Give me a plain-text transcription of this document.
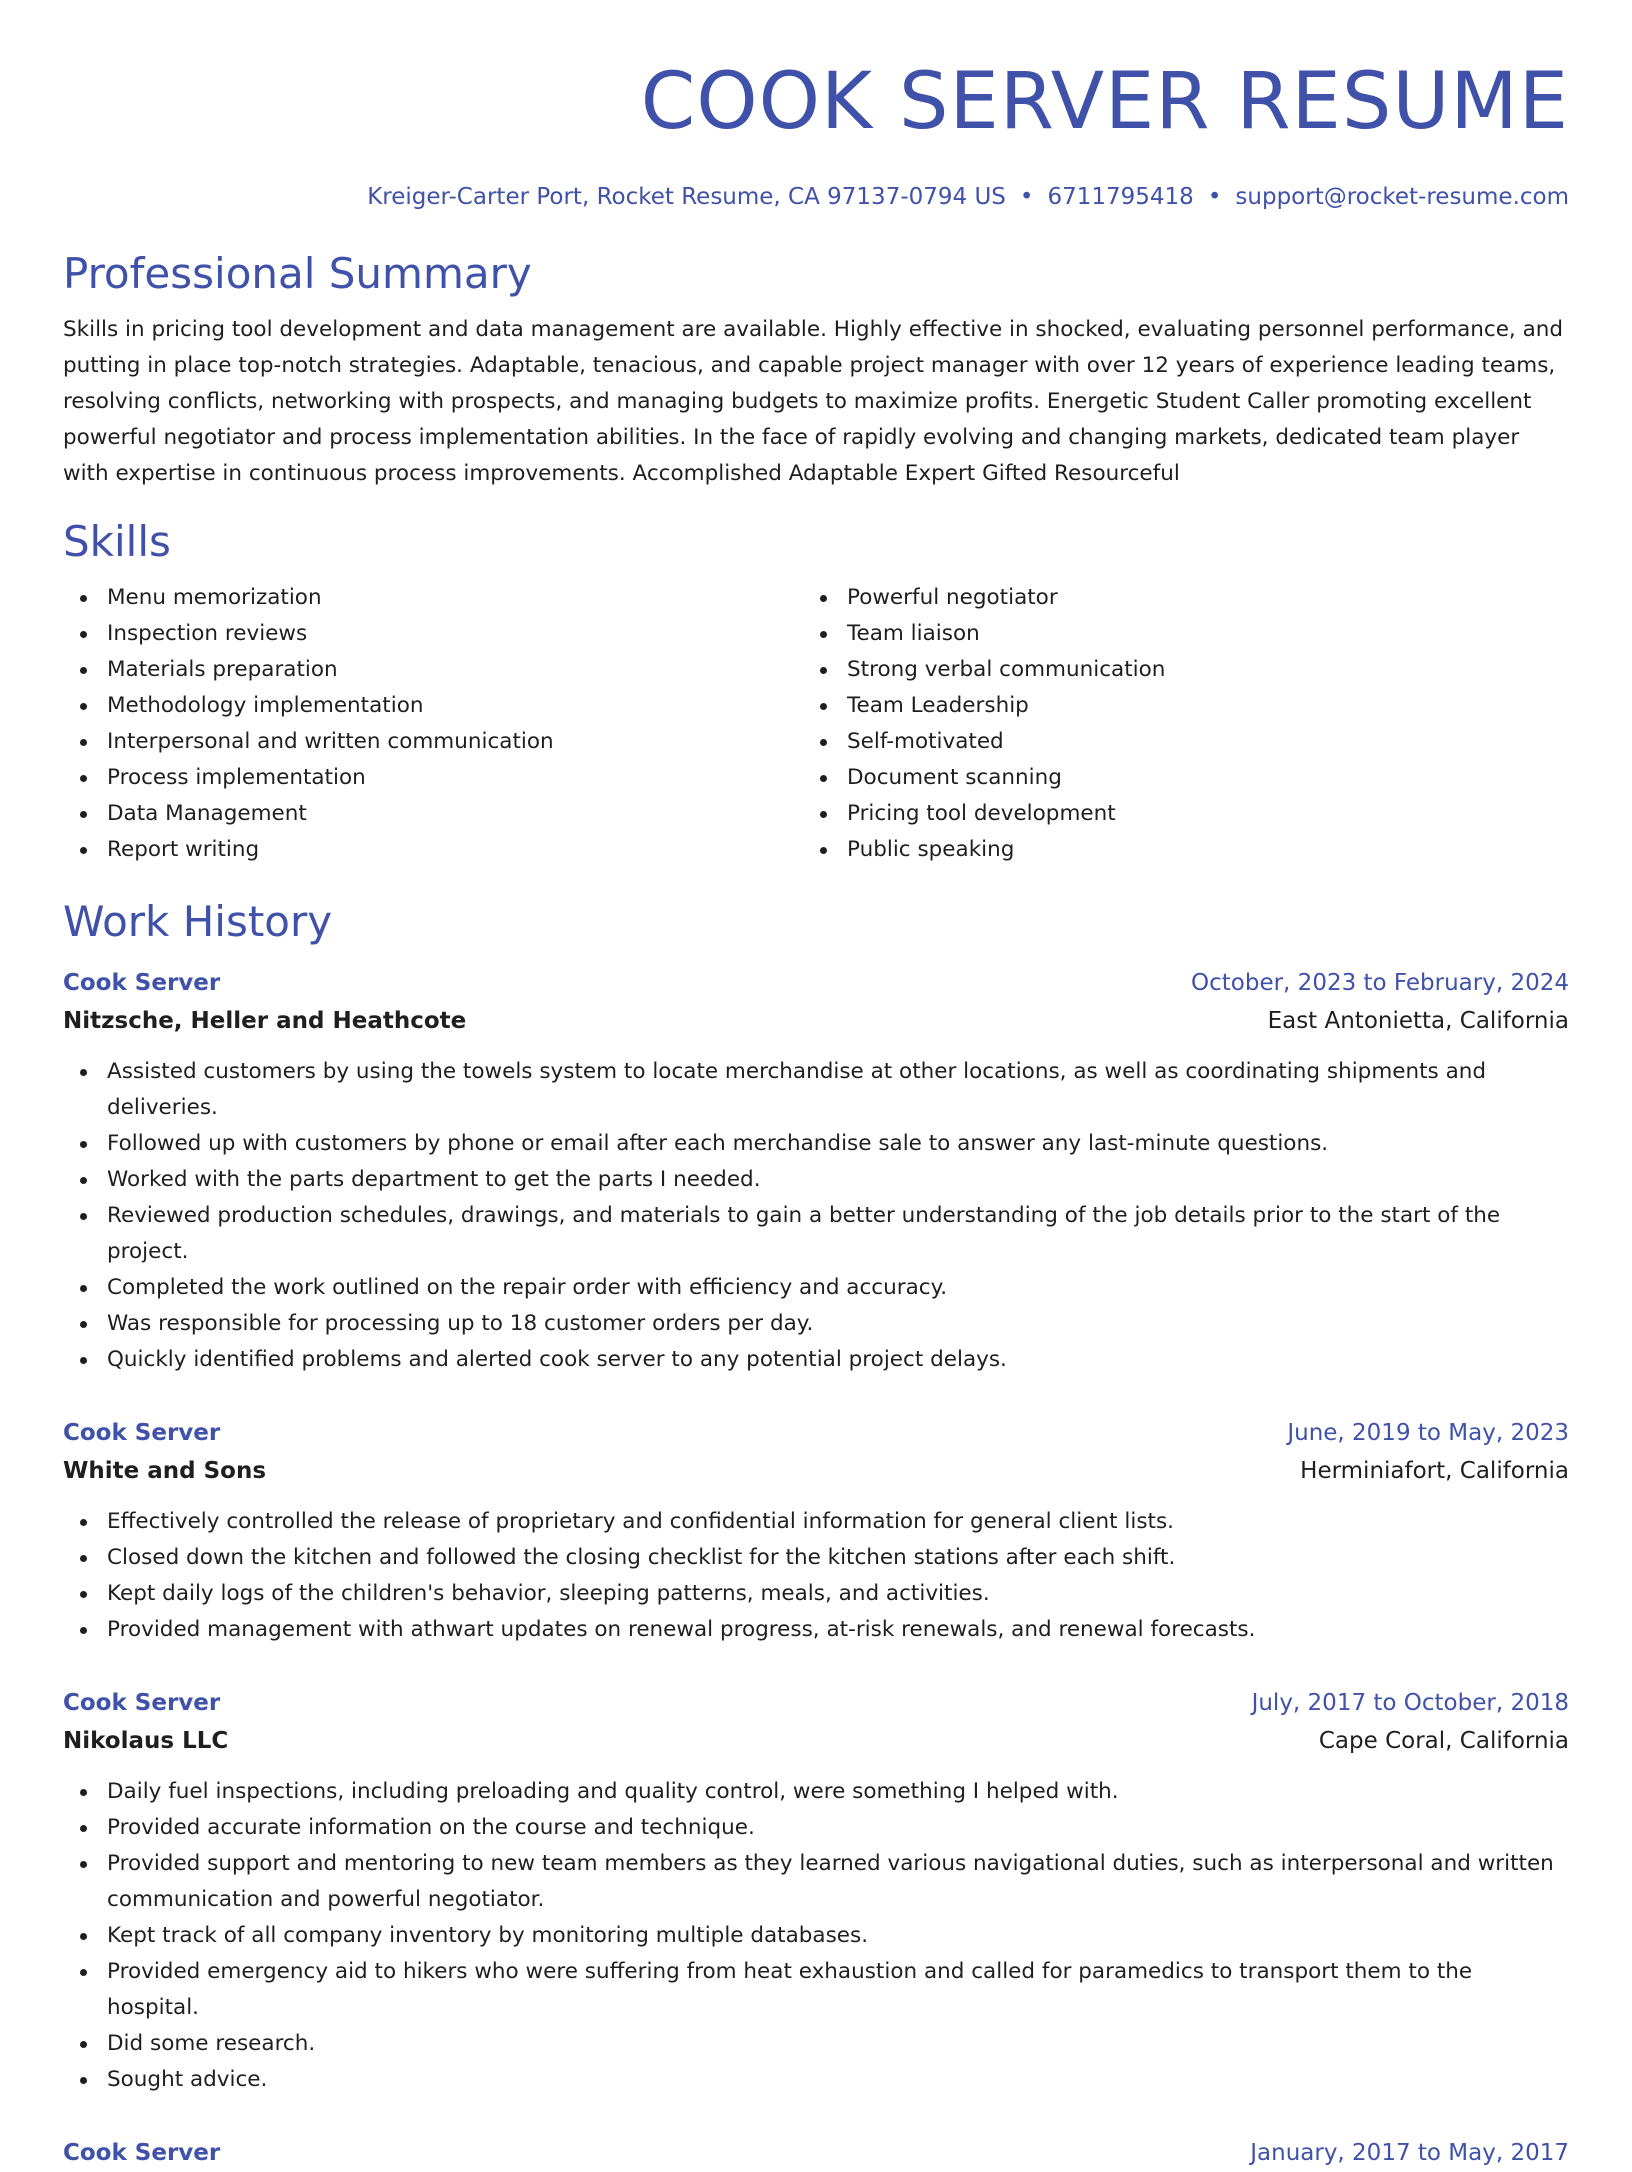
COOK SERVER RESUME
Kreiger-Carter Port, Rocket Resume, CA 97137-0794 US • 6711795418 • support@rocket-resume.com
Professional Summary
Skills in pricing tool development and data management are available. Highly effective in shocked, evaluating personnel performance, and putting in place top-notch strategies. Adaptable, tenacious, and capable project manager with over 12 years of experience leading teams, resolving conflicts, networking with prospects, and managing budgets to maximize profits. Energetic Student Caller promoting excellent powerful negotiator and process implementation abilities. In the face of rapidly evolving and changing markets, dedicated team player with expertise in continuous process improvements. Accomplished Adaptable Expert Gifted Resourceful
Skills
Menu memorization
Inspection reviews
Materials preparation
Methodology implementation
Interpersonal and written communication
Process implementation
Data Management
Report writing
Powerful negotiator
Team liaison
Strong verbal communication
Team Leadership
Self-motivated
Document scanning
Pricing tool development
Public speaking
Work History
Cook Server	October, 2023 to February, 2024
Nitzsche, Heller and Heathcote	East Antonietta, California
Assisted customers by using the towels system to locate merchandise at other locations, as well as coordinating shipments and deliveries.
Followed up with customers by phone or email after each merchandise sale to answer any last-minute questions.
Worked with the parts department to get the parts I needed.
Reviewed production schedules, drawings, and materials to gain a better understanding of the job details prior to the start of the project.
Completed the work outlined on the repair order with efficiency and accuracy.
Was responsible for processing up to 18 customer orders per day.
Quickly identified problems and alerted cook server to any potential project delays.
Cook Server	June, 2019 to May, 2023
White and Sons	Herminiafort, California
Effectively controlled the release of proprietary and confidential information for general client lists.
Closed down the kitchen and followed the closing checklist for the kitchen stations after each shift.
Kept daily logs of the children's behavior, sleeping patterns, meals, and activities.
Provided management with athwart updates on renewal progress, at-risk renewals, and renewal forecasts.
Cook Server	July, 2017 to October, 2018
Nikolaus LLC	Cape Coral, California
Daily fuel inspections, including preloading and quality control, were something I helped with.
Provided accurate information on the course and technique.
Provided support and mentoring to new team members as they learned various navigational duties, such as interpersonal and written communication and powerful negotiator.
Kept track of all company inventory by monitoring multiple databases.
Provided emergency aid to hikers who were suffering from heat exhaustion and called for paramedics to transport them to the hospital.
Did some research.
Sought advice.
Cook Server	January, 2017 to May, 2017
